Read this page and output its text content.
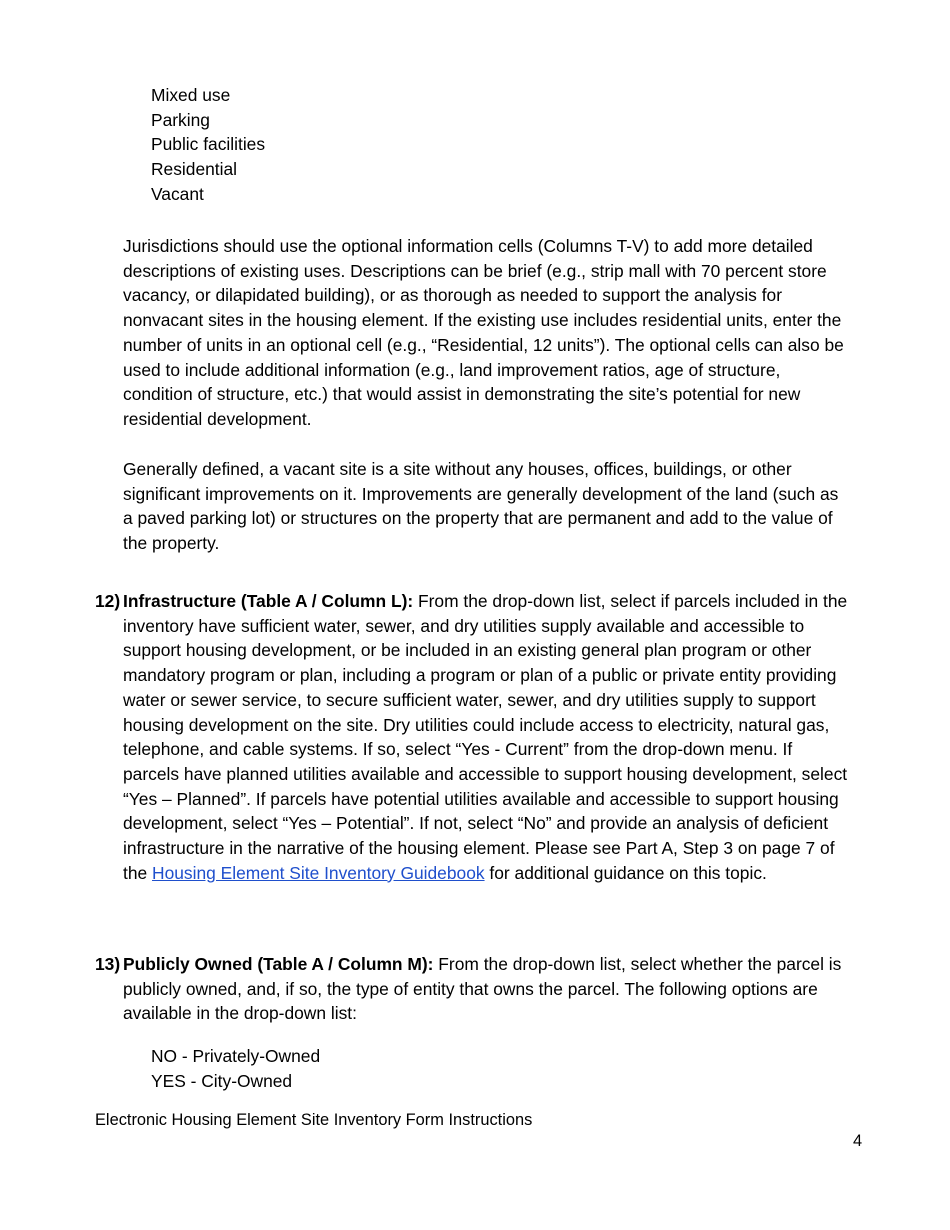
Mixed use
Parking
Public facilities
Residential
Vacant

Jurisdictions should use the optional information cells (Columns T-V) to add more detailed descriptions of existing uses. Descriptions can be brief (e.g., strip mall with 70 percent store vacancy, or dilapidated building), or as thorough as needed to support the analysis for nonvacant sites in the housing element. If the existing use includes residential units, enter the number of units in an optional cell (e.g., “Residential, 12 units”). The optional cells can also be used to include additional information (e.g., land improvement ratios, age of structure, condition of structure, etc.) that would assist in demonstrating the site’s potential for new residential development.

Generally defined, a vacant site is a site without any houses, offices, buildings, or other significant improvements on it. Improvements are generally development of the land (such as a paved parking lot) or structures on the property that are permanent and add to the value of the property.

12) Infrastructure (Table A / Column L): From the drop-down list, select if parcels included in the inventory have sufficient water, sewer, and dry utilities supply available and accessible to support housing development, or be included in an existing general plan program or other mandatory program or plan, including a program or plan of a public or private entity providing water or sewer service, to secure sufficient water, sewer, and dry utilities supply to support housing development on the site. Dry utilities could include access to electricity, natural gas, telephone, and cable systems. If so, select “Yes - Current” from the drop-down menu. If parcels have planned utilities available and accessible to support housing development, select “Yes – Planned”. If parcels have potential utilities available and accessible to support housing development, select “Yes – Potential”. If not, select “No” and provide an analysis of deficient infrastructure in the narrative of the housing element. Please see Part A, Step 3 on page 7 of the Housing Element Site Inventory Guidebook for additional guidance on this topic.
13) Publicly Owned (Table A / Column M): From the drop-down list, select whether the parcel is publicly owned, and, if so, the type of entity that owns the parcel. The following options are available in the drop-down list:
NO - Privately-Owned
YES - City-Owned
Electronic Housing Element Site Inventory Form Instructions
4
